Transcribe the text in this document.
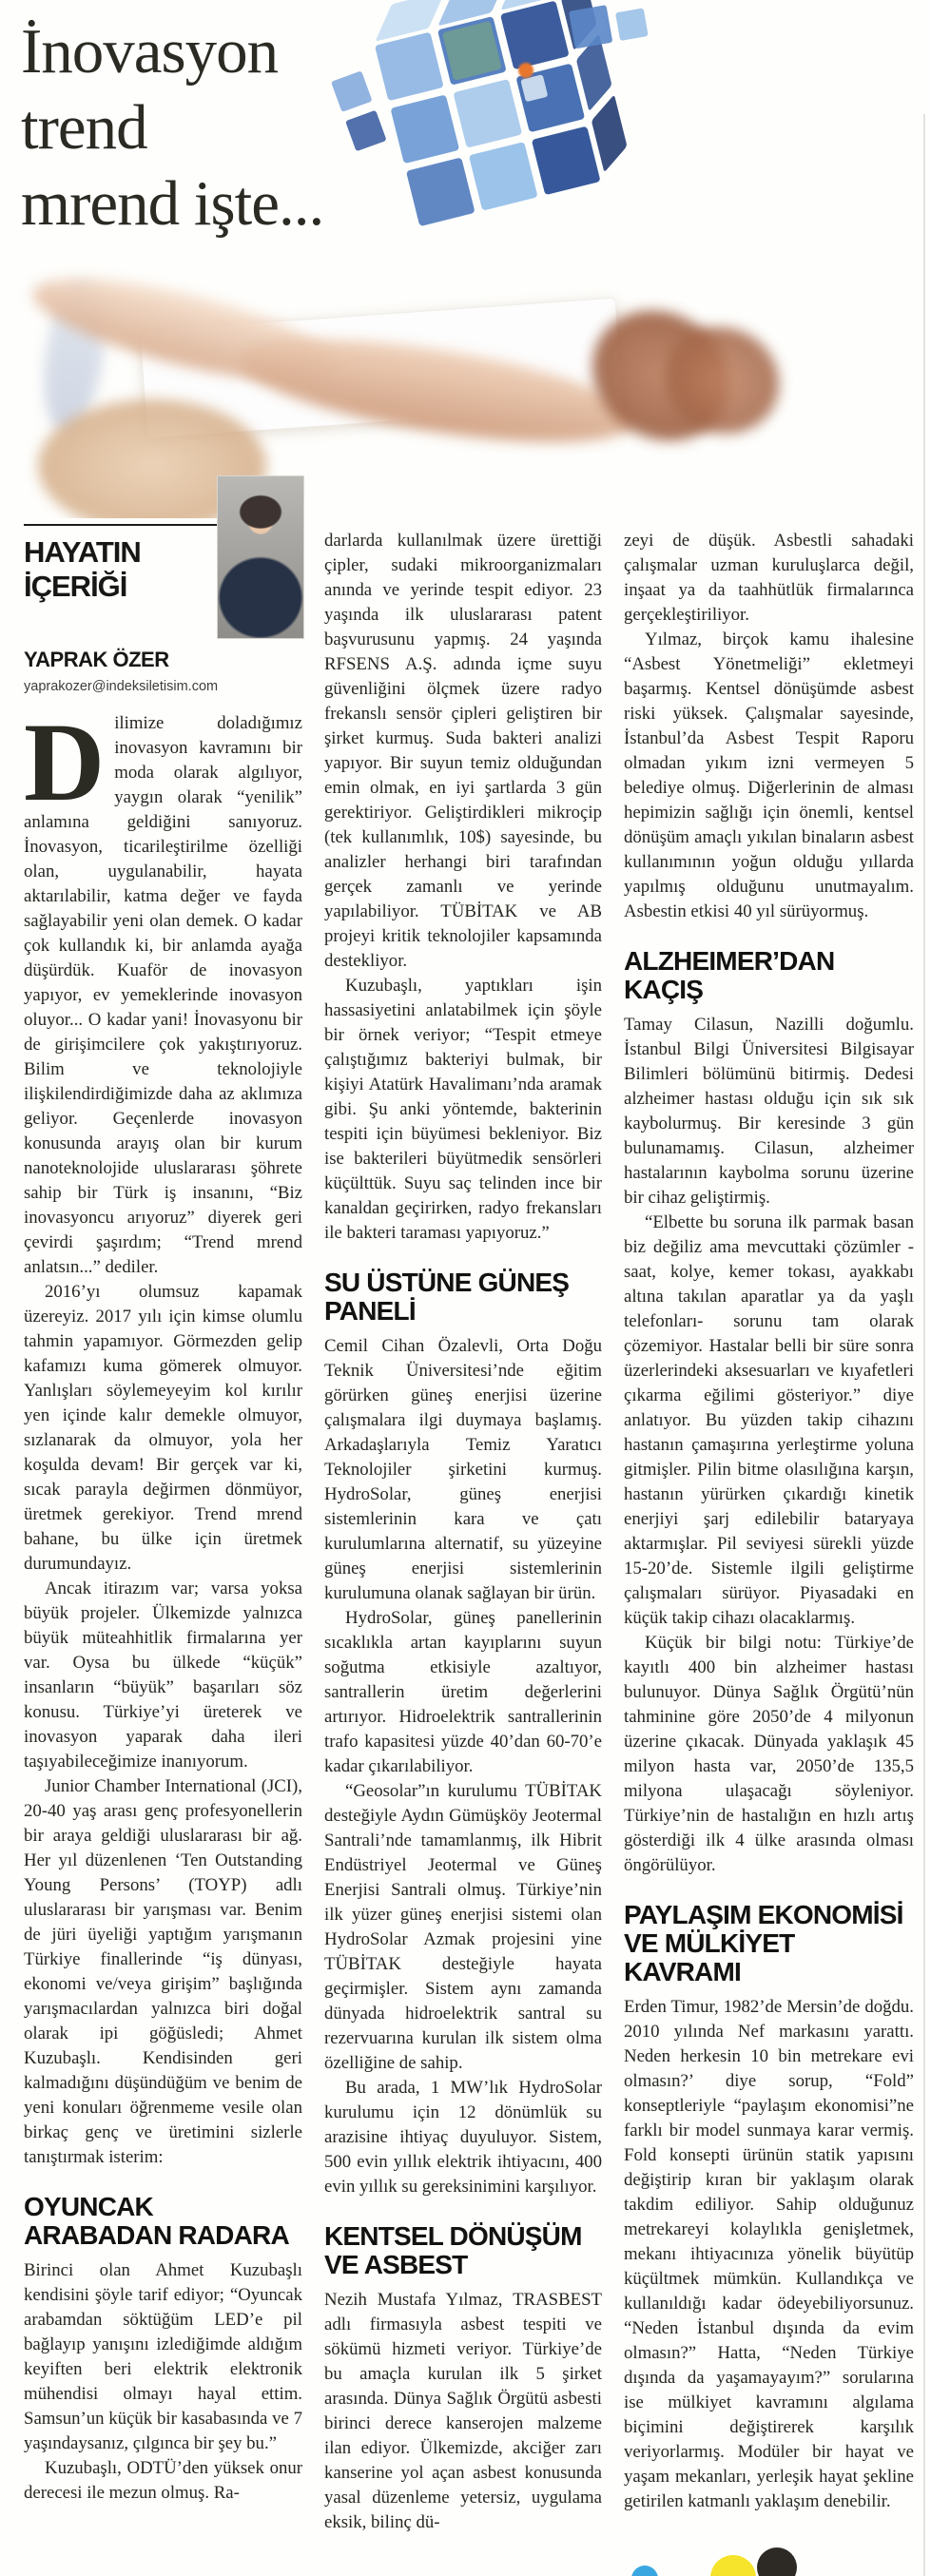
İnovasyon
trend
mrend işte...
HAYATIN
İÇERİĞİ
YAPRAK ÖZER
yaprakozer@indeksiletisim.com

Dilimize doladığımız inovasyon kavramını bir moda olarak algılıyor, yaygın olarak “yenilik” anlamına geldiğini sanıyoruz. İnovasyon, ticarileştirilme özelliği olan, uygulanabilir, hayata aktarılabilir, katma değer ve fayda sağlayabilir yeni olan demek. O kadar çok kullandık ki, bir anlamda ayağa düşürdük. Kuaför de inovasyon yapıyor, ev yemeklerinde inovasyon oluyor... O kadar yani! İnovasyonu bir de girişimcilere çok yakıştırıyoruz. Bilim ve teknolojiyle ilişkilendirdiğimizde daha az aklımıza geliyor. Geçenlerde inovasyon konusunda arayış olan bir kurum nanoteknolojide uluslararası şöhrete sahip bir Türk iş insanını, “Biz inovasyoncu arıyoruz” diyerek geri çevirdi şaşırdım; “Trend mrend anlatsın...” dediler.

2016’yı olumsuz kapamak üzereyiz. 2017 yılı için kimse olumlu tahmin yapamıyor. Görmezden gelip kafamızı kuma gömerek olmuyor. Yanlışları söylemeyeyim kol kırılır yen içinde kalır demekle olmuyor, sızlanarak da olmuyor, yola her koşulda devam! Bir gerçek var ki, sıcak parayla değirmen dönmüyor, üretmek gerekiyor. Trend mrend bahane, bu ülke için üretmek durumundayız.

Ancak itirazım var; varsa yoksa büyük projeler. Ülkemizde yalnızca büyük müteahhitlik firmalarına yer var. Oysa bu ülkede “küçük” insanların “büyük” başarıları söz konusu. Türkiye’yi üreterek ve inovasyon yaparak daha ileri taşıyabileceğimize inanıyorum.

Junior Chamber International (JCI), 20-40 yaş arası genç profesyonellerin bir araya geldiği uluslararası bir ağ. Her yıl düzenlenen ‘Ten Outstanding Young Persons’ (TOYP) adlı uluslararası bir yarışması var. Benim de jüri üyeliği yaptığım yarışmanın Türkiye finallerinde “iş dünyası, ekonomi ve/veya girişim” başlığında yarışmacılardan yalnızca biri doğal olarak ipi göğüsledi; Ahmet Kuzubaşlı. Kendisinden geri kalmadığını düşündüğüm ve benim de yeni konuları öğrenmeme vesile olan birkaç genç ve üretimini sizlerle tanıştırmak isterim:

OYUNCAK ARABADAN RADARA

Birinci olan Ahmet Kuzubaşlı kendisini şöyle tarif ediyor; “Oyuncak arabamdan söktüğüm LED’e pil bağlayıp yanışını izlediğimde aldığım keyiften beri elektrik elektronik mühendisi olmayı hayal ettim. Samsun’un küçük bir kasabasında ve 7 yaşındaysanız, çılgınca bir şey bu.”

Kuzubaşlı, ODTÜ’den yüksek onur derecesi ile mezun olmuş. Ra-

darlarda kullanılmak üzere ürettiği çipler, sudaki mikroorganizmaları anında ve yerinde tespit ediyor. 23 yaşında ilk uluslararası patent başvurusunu yapmış. 24 yaşında RFSENS A.Ş. adında içme suyu güvenliğini ölçmek üzere radyo frekanslı sensör çipleri geliştiren bir şirket kurmuş. Suda bakteri analizi yapıyor. Bir suyun temiz olduğundan emin olmak, en iyi şartlarda 3 gün gerektiriyor. Geliştirdikleri mikroçip (tek kullanımlık, 10$) sayesinde, bu analizler herhangi biri tarafından gerçek zamanlı ve yerinde yapılabiliyor. TÜBİTAK ve AB projeyi kritik teknolojiler kapsamında destekliyor.

Kuzubaşlı, yaptıkları işin hassasiyetini anlatabilmek için şöyle bir örnek veriyor; “Tespit etmeye çalıştığımız bakteriyi bulmak, bir kişiyi Atatürk Havalimanı’nda aramak gibi. Şu anki yöntemde, bakterinin tespiti için büyümesi bekleniyor. Biz ise bakterileri büyütmedik sensörleri küçülttük. Suyu saç telinden ince bir kanaldan geçirirken, radyo frekansları ile bakteri taraması yapıyoruz.”

SU ÜSTÜNE GÜNEŞ PANELİ

Cemil Cihan Özalevli, Orta Doğu Teknik Üniversitesi’nde eğitim görürken güneş enerjisi üzerine çalışmalara ilgi duymaya başlamış. Arkadaşlarıyla Temiz Yaratıcı Teknolojiler şirketini kurmuş. HydroSolar, güneş enerjisi sistemlerinin kara ve çatı kurulumlarına alternatif, su yüzeyine güneş enerjisi sistemlerinin kurulumuna olanak sağlayan bir ürün.

HydroSolar, güneş panellerinin sıcaklıkla artan kayıplarını suyun soğutma etkisiyle azaltıyor, santrallerin üretim değerlerini artırıyor. Hidroelektrik santrallerinin trafo kapasitesi yüzde 40’dan 60-70’e kadar çıkarılabiliyor.

“Geosolar”ın kurulumu TÜBİTAK desteğiyle Aydın Gümüşköy Jeotermal Santrali’nde tamamlanmış, ilk Hibrit Endüstriyel Jeotermal ve Güneş Enerjisi Santrali olmuş. Türkiye’nin ilk yüzer güneş enerjisi sistemi olan HydroSolar Azmak projesini yine TÜBİTAK desteğiyle hayata geçirmişler. Sistem aynı zamanda dünyada hidroelektrik santral su rezervuarına kurulan ilk sistem olma özelliğine de sahip.

Bu arada, 1 MW’lık HydroSolar kurulumu için 12 dönümlük su arazisine ihtiyaç duyuluyor. Sistem, 500 evin yıllık elektrik ihtiyacını, 400 evin yıllık su gereksinimini karşılıyor.

KENTSEL DÖNÜŞÜM VE ASBEST

Nezih Mustafa Yılmaz, TRASBEST adlı firmasıyla asbest tespiti ve sökümü hizmeti veriyor. Türkiye’de bu amaçla kurulan ilk 5 şirket arasında. Dünya Sağlık Örgütü asbesti birinci derece kanserojen malzeme ilan ediyor. Ülkemizde, akciğer zarı kanserine yol açan asbest konusunda yasal düzenleme yetersiz, uygulama eksik, bilinç dü-

zeyi de düşük. Asbestli sahadaki çalışmalar uzman kuruluşlarca değil, inşaat ya da taahhütlük firmalarınca gerçekleştiriliyor.

Yılmaz, birçok kamu ihalesine “Asbest Yönetmeliği” ekletmeyi başarmış. Kentsel dönüşümde asbest riski yüksek. Çalışmalar sayesinde, İstanbul’da Asbest Tespit Raporu olmadan yıkım izni vermeyen 5 belediye olmuş. Diğerlerinin de alması hepimizin sağlığı için önemli, kentsel dönüşüm amaçlı yıkılan binaların asbest kullanımının yoğun olduğu yıllarda yapılmış olduğunu unutmayalım. Asbestin etkisi 40 yıl sürüyormuş.

ALZHEIMER’DAN KAÇIŞ

Tamay Cilasun, Nazilli doğumlu. İstanbul Bilgi Üniversitesi Bilgisayar Bilimleri bölümünü bitirmiş. Dedesi alzheimer hastası olduğu için sık sık kaybolurmuş. Bir keresinde 3 gün bulunamamış. Cilasun, alzheimer hastalarının kaybolma sorunu üzerine bir cihaz geliştirmiş.

“Elbette bu soruna ilk parmak basan biz değiliz ama mevcuttaki çözümler -saat, kolye, kemer tokası, ayakkabı altına takılan aparatlar ya da yaşlı telefonları- sorunu tam olarak çözemiyor. Hastalar belli bir süre sonra üzerlerindeki aksesuarları ve kıyafetleri çıkarma eğilimi gösteriyor.” diye anlatıyor. Bu yüzden takip cihazını hastanın çamaşırına yerleştirme yoluna gitmişler. Pilin bitme olasılığına karşın, hastanın yürürken çıkardığı kinetik enerjiyi şarj edilebilir bataryaya aktarmışlar. Pil seviyesi sürekli yüzde 15-20’de. Sistemle ilgili geliştirme çalışmaları sürüyor. Piyasadaki en küçük takip cihazı olacaklarmış.

Küçük bir bilgi notu: Türkiye’de kayıtlı 400 bin alzheimer hastası bulunuyor. Dünya Sağlık Örgütü’nün tahminine göre 2050’de 4 milyonun üzerine çıkacak. Dünyada yaklaşık 45 milyon hasta var, 2050’de 135,5 milyona ulaşacağı söyleniyor. Türkiye’nin de hastalığın en hızlı artış gösterdiği ilk 4 ülke arasında olması öngörülüyor.

PAYLAŞIM EKONOMİSİ VE MÜLKİYET KAVRAMI

Erden Timur, 1982’de Mersin’de doğdu. 2010 yılında Nef markasını yarattı. Neden herkesin 10 bin metrekare evi olmasın?’ diye sorup, “Fold” konseptleriyle “paylaşım ekonomisi”ne farklı bir model sunmaya karar vermiş. Fold konsepti ürünün statik yapısını değiştirip kıran bir yaklaşım olarak takdim ediliyor. Sahip olduğunuz metrekareyi kolaylıkla genişletmek, mekanı ihtiyacınıza yönelik büyütüp küçültmek mümkün. Kullandıkça ve kullanıldığı kadar ödeyebiliyorsunuz. “Neden İstanbul dışında da evim olmasın?” Hatta, “Neden Türkiye dışında da yaşamayayım?” sorularına ise mülkiyet kavramını algılama biçimini değiştirerek karşılık veriyorlarmış. Modüler bir hayat ve yaşam mekanları, yerleşik hayat şekline getirilen katmanlı yaklaşım denebilir.
